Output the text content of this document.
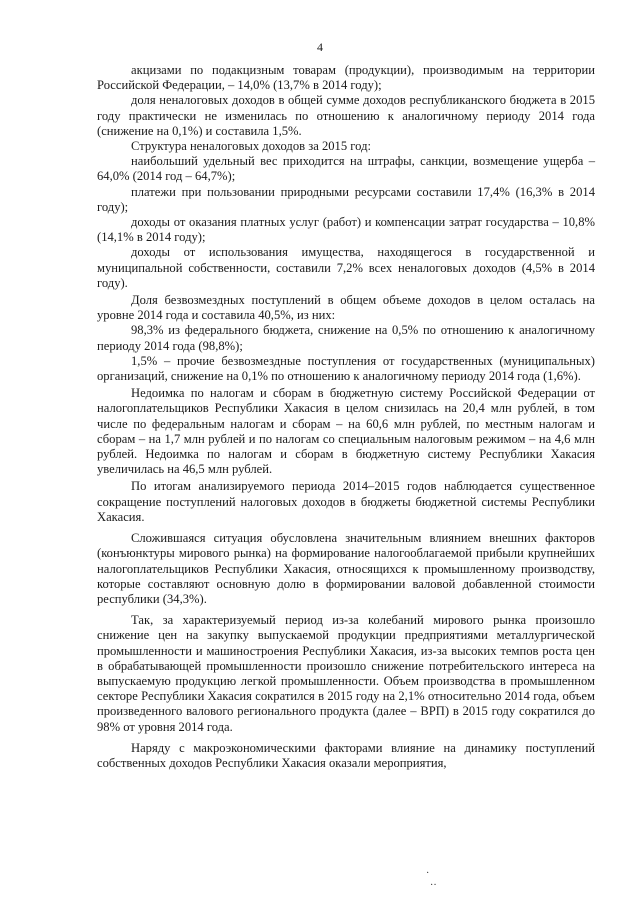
4

акцизами по подакцизным товарам (продукции), производимым на территории Российской Федерации, – 14,0% (13,7% в 2014 году);

доля неналоговых доходов в общей сумме доходов республиканского бюджета в 2015 году практически не изменилась по отношению к аналогичному периоду 2014 года (снижение на 0,1%) и составила 1,5%.

Структура неналоговых доходов за 2015 год:

наибольший удельный вес приходится на штрафы, санкции, возмещение ущерба – 64,0% (2014 год – 64,7%);

платежи при пользовании природными ресурсами составили 17,4% (16,3% в 2014 году);

доходы от оказания платных услуг (работ) и компенсации затрат государства – 10,8% (14,1% в 2014 году);

доходы от использования имущества, находящегося в государственной и муниципальной собственности, составили 7,2% всех неналоговых доходов (4,5% в 2014 году).

Доля безвозмездных поступлений в общем объеме доходов в целом осталась на уровне 2014 года и составила 40,5%, из них:

98,3% из федерального бюджета, снижение на 0,5% по отношению к аналогичному периоду 2014 года (98,8%);

1,5% – прочие безвозмездные поступления от государственных (муниципальных) организаций, снижение на 0,1% по отношению к аналогичному периоду 2014 года (1,6%).

Недоимка по налогам и сборам в бюджетную систему Российской Федерации от налогоплательщиков Республики Хакасия в целом снизилась на 20,4 млн рублей, в том числе по федеральным налогам и сборам – на 60,6 млн рублей, по местным налогам и сборам – на 1,7 млн рублей и по налогам со специальным налоговым режимом – на 4,6 млн рублей. Недоимка по налогам и сборам в бюджетную систему Республики Хакасия увеличилась на 46,5 млн рублей.

По итогам анализируемого периода 2014–2015 годов наблюдается существенное сокращение поступлений налоговых доходов в бюджеты бюджетной системы Республики Хакасия.

Сложившаяся ситуация обусловлена значительным влиянием внешних факторов (конъюнктуры мирового рынка) на формирование налогооблагаемой прибыли крупнейших налогоплательщиков Республики Хакасия, относящихся к промышленному производству, которые составляют основную долю в формировании валовой добавленной стоимости республики (34,3%).

Так, за характеризуемый период из-за колебаний мирового рынка произошло снижение цен на закупку выпускаемой продукции предприятиями металлургической промышленности и машиностроения Республики Хакасия, из-за высоких темпов роста цен в обрабатывающей промышленности произошло снижение потребительского интереса на выпускаемую продукцию легкой промышленности. Объем производства в промышленном секторе Республики Хакасия сократился в 2015 году на 2,1% относительно 2014 года, объем произведенного валового регионального продукта (далее – ВРП) в 2015 году сократился до 98% от уровня 2014 года.

Наряду с макроэкономическими факторами влияние на динамику поступлений собственных доходов Республики Хакасия оказали мероприятия,

·
··
